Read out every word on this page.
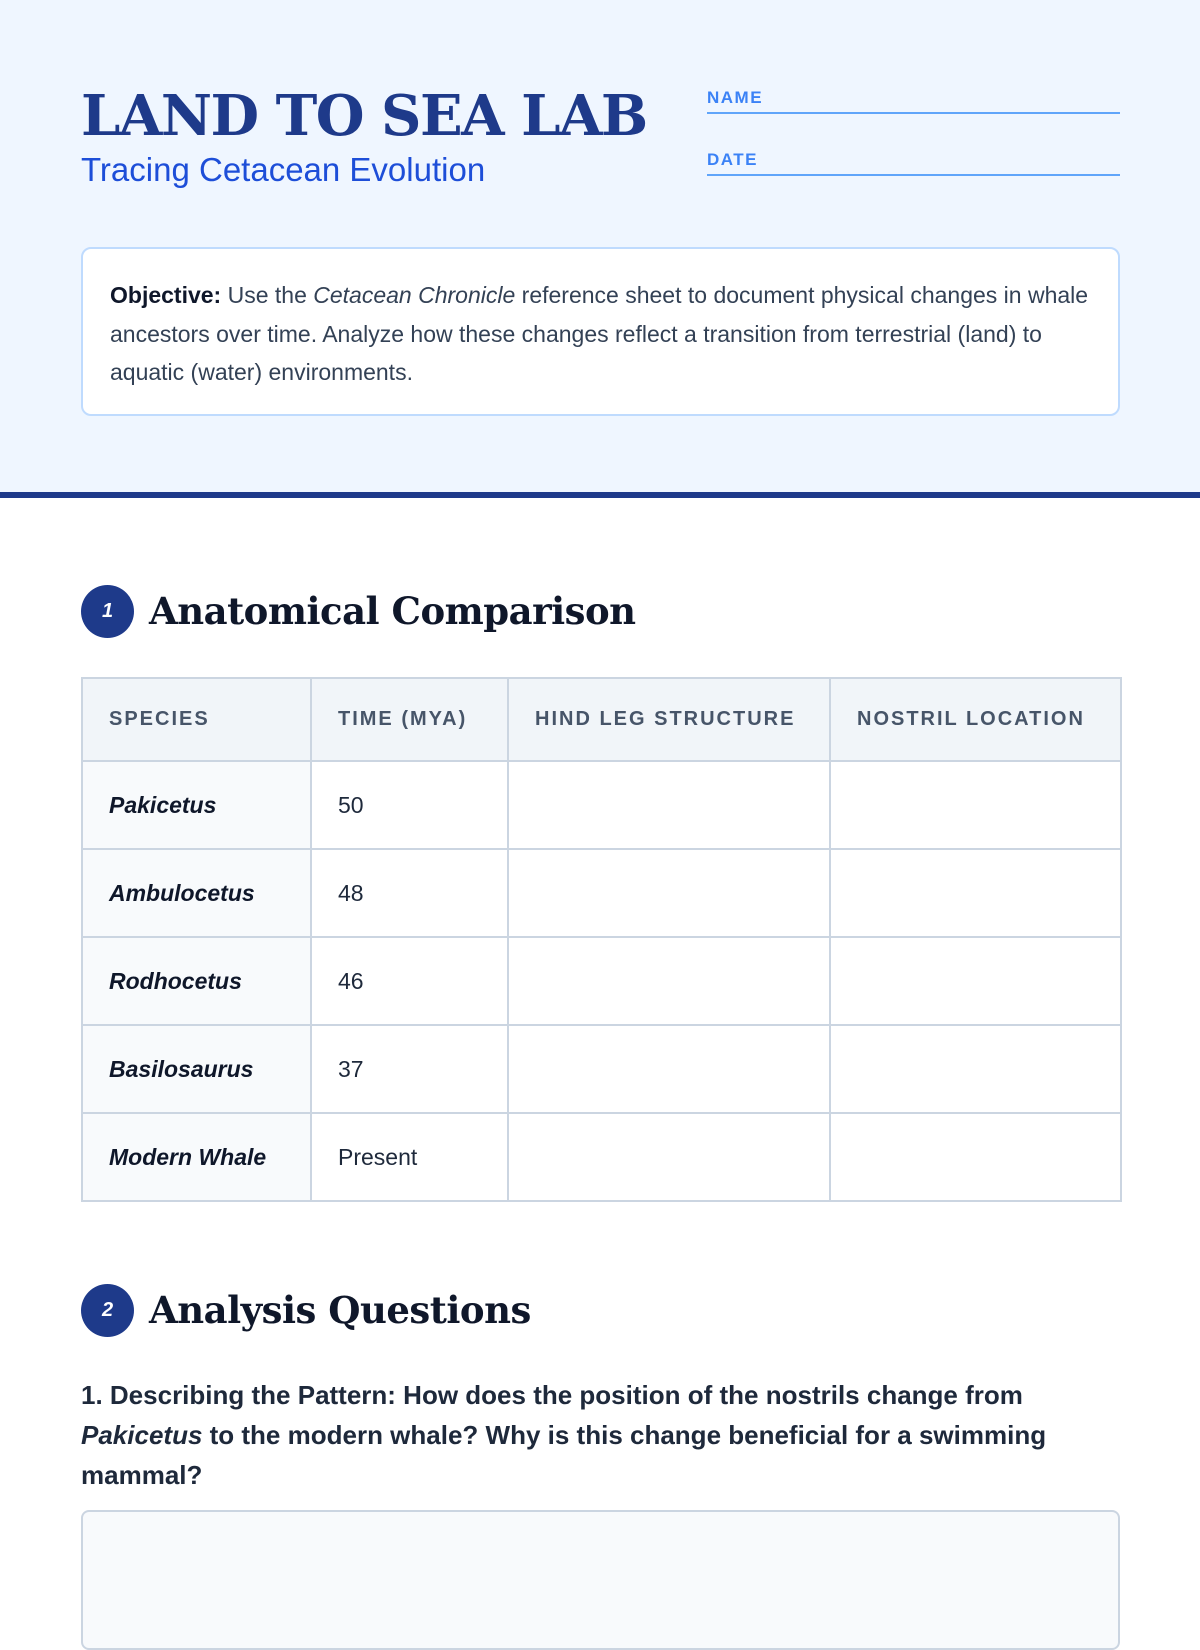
LAND TO SEA LAB
Tracing Cetacean Evolution
NAME
DATE
Objective: Use the Cetacean Chronicle reference sheet to document physical changes in whale ancestors over time. Analyze how these changes reflect a transition from terrestrial (land) to aquatic (water) environments.
1 Anatomical Comparison
SPECIES	TIME (MYA)	HIND LEG STRUCTURE	NOSTRIL LOCATION
Pakicetus	50		
Ambulocetus	48		
Rodhocetus	46		
Basilosaurus	37		
Modern Whale	Present		
2 Analysis Questions
1. Describing the Pattern: How does the position of the nostrils change from Pakicetus to the modern whale? Why is this change beneficial for a swimming mammal?
